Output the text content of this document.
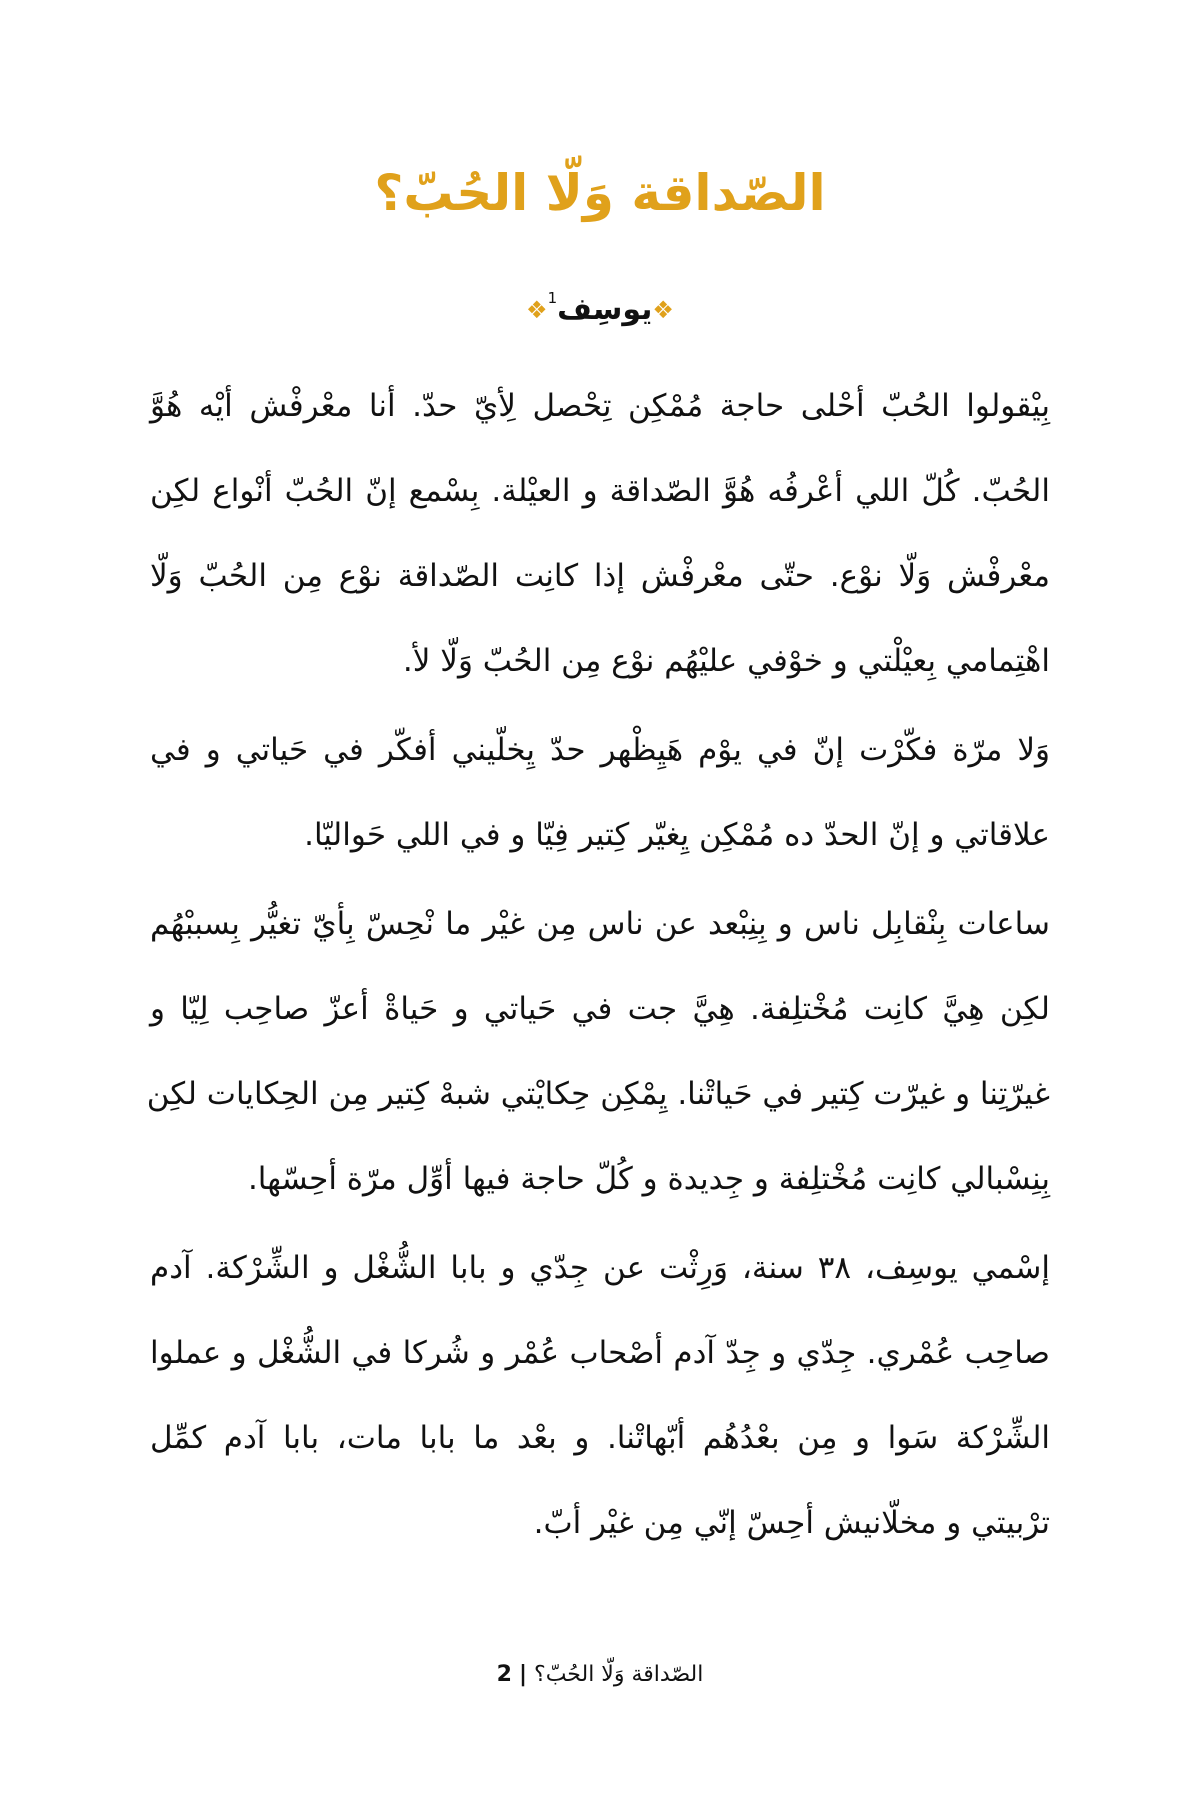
الصّداقة وَلّا الحُبّ؟
❖يوسِف$^1$❖
بِيْقولوا الحُبّ أحْلى حاجة مُمْكِن تِحْصل لِأيّ حدّ. أنا معْرفْش أيْه هُوَّ
الحُبّ. كُلّ اللي أعْرفُه هُوَّ الصّداقة و العيْلة. بِسْمع إنّ الحُبّ أنْواع لكِن
معْرفْش وَلّا نوْع. حتّى معْرفْش إذا كانِت الصّداقة نوْع مِن الحُبّ وَلّا
اهْتِمامي بِعيْلْتي و خوْفي عليْهُم نوْع مِن الحُبّ وَلّا لأ.
وَلا مرّة فكّرْت إنّ في يوْم هَيِظْهر حدّ يِخلّيني أفكّر في حَياتي و في
علاقاتي و إنّ الحدّ ده مُمْكِن يِغيّر كِتير فِيّا و في اللي حَواليّا.
ساعات بِنْقابِل ناس و بِنِبْعد عن ناس مِن غيْر ما نْحِسّ بِأيّ تغيُّر بِسببْهُم
لكِن هِيَّ كانِت مُخْتلِفة. هِيَّ جت في حَياتي و حَياةْ أعزّ صاحِب لِيّا و
غيرّتِنا و غيرّت كِتير في حَياتْنا. يِمْكِن حِكايْتي شبهْ كِتير مِن الحِكايات لكِن
بِنِسْبالي كانِت مُخْتلِفة و جِديدة و كُلّ حاجة فيها أوِّل مرّة أحِسّها.
إسْمي يوسِف، ٣٨ سنة، وَرِثْت عن جِدّي و بابا الشُّغْل و الشِّرْكة. آدم
صاحِب عُمْري. جِدّي و جِدّ آدم أصْحاب عُمْر و شُركا في الشُّغْل و عملوا
الشِّرْكة سَوا و مِن بعْدُهُم أبّهاتْنا. و بعْد ما بابا مات، بابا آدم كمِّل
ترْبيتي و مخلّانيش أحِسّ إنّي مِن غيْر أبّ.
الصّداقة وَلّا الحُبّ؟ | 2
